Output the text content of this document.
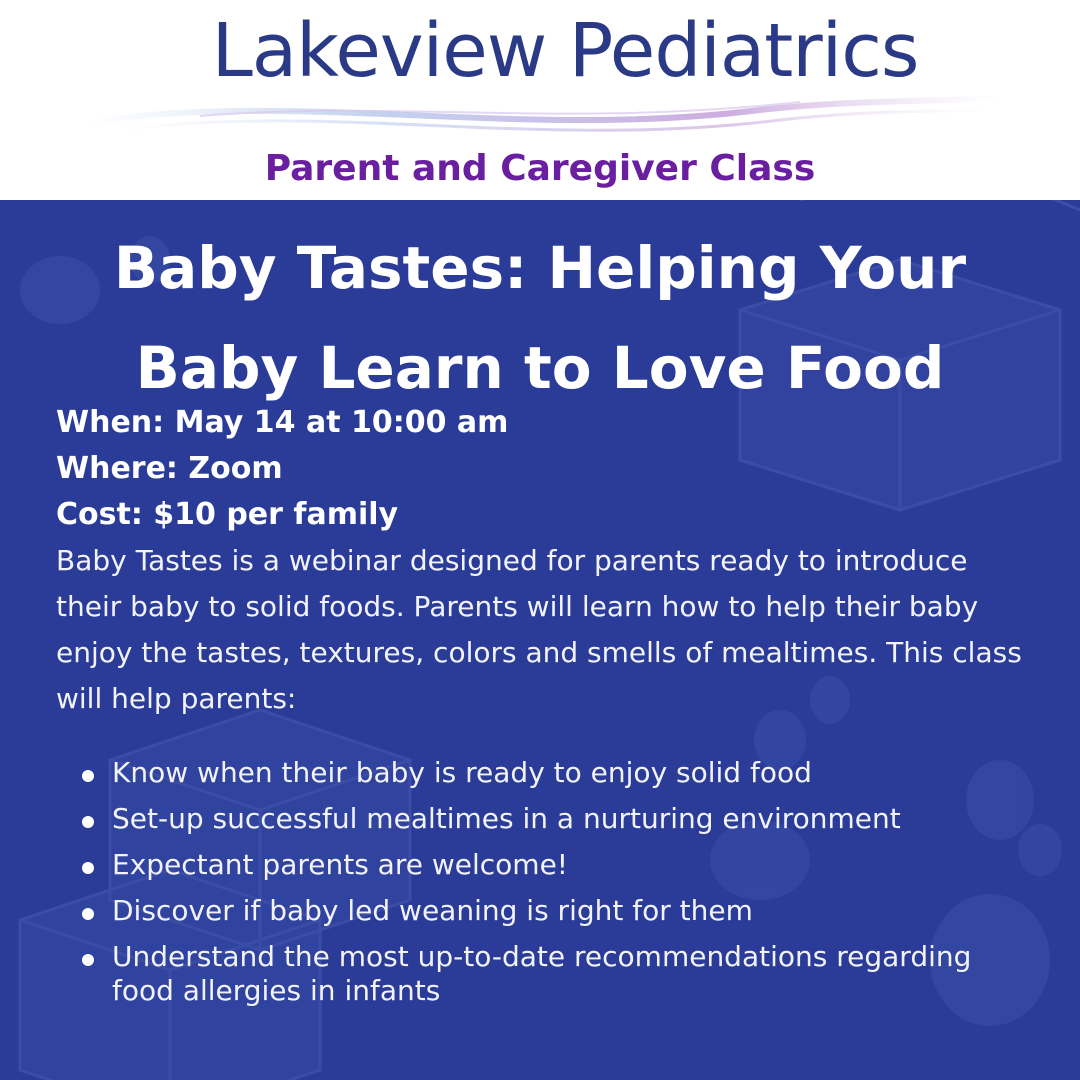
Lakeview Pediatrics
Parent and Caregiver Class
Baby Tastes: Helping Your
Baby Learn to Love Food
When: May 14 at 10:00 am
Where: Zoom
Cost: $10 per family
Baby Tastes is a webinar designed for parents ready to introduce their baby to solid foods. Parents will learn how to help their baby enjoy the tastes, textures, colors and smells of mealtimes. This class will help parents:
Know when their baby is ready to enjoy solid food
Set-up successful mealtimes in a nurturing environment
Expectant parents are welcome!
Discover if baby led weaning is right for them
Understand the most up-to-date recommendations regarding food allergies in infants
